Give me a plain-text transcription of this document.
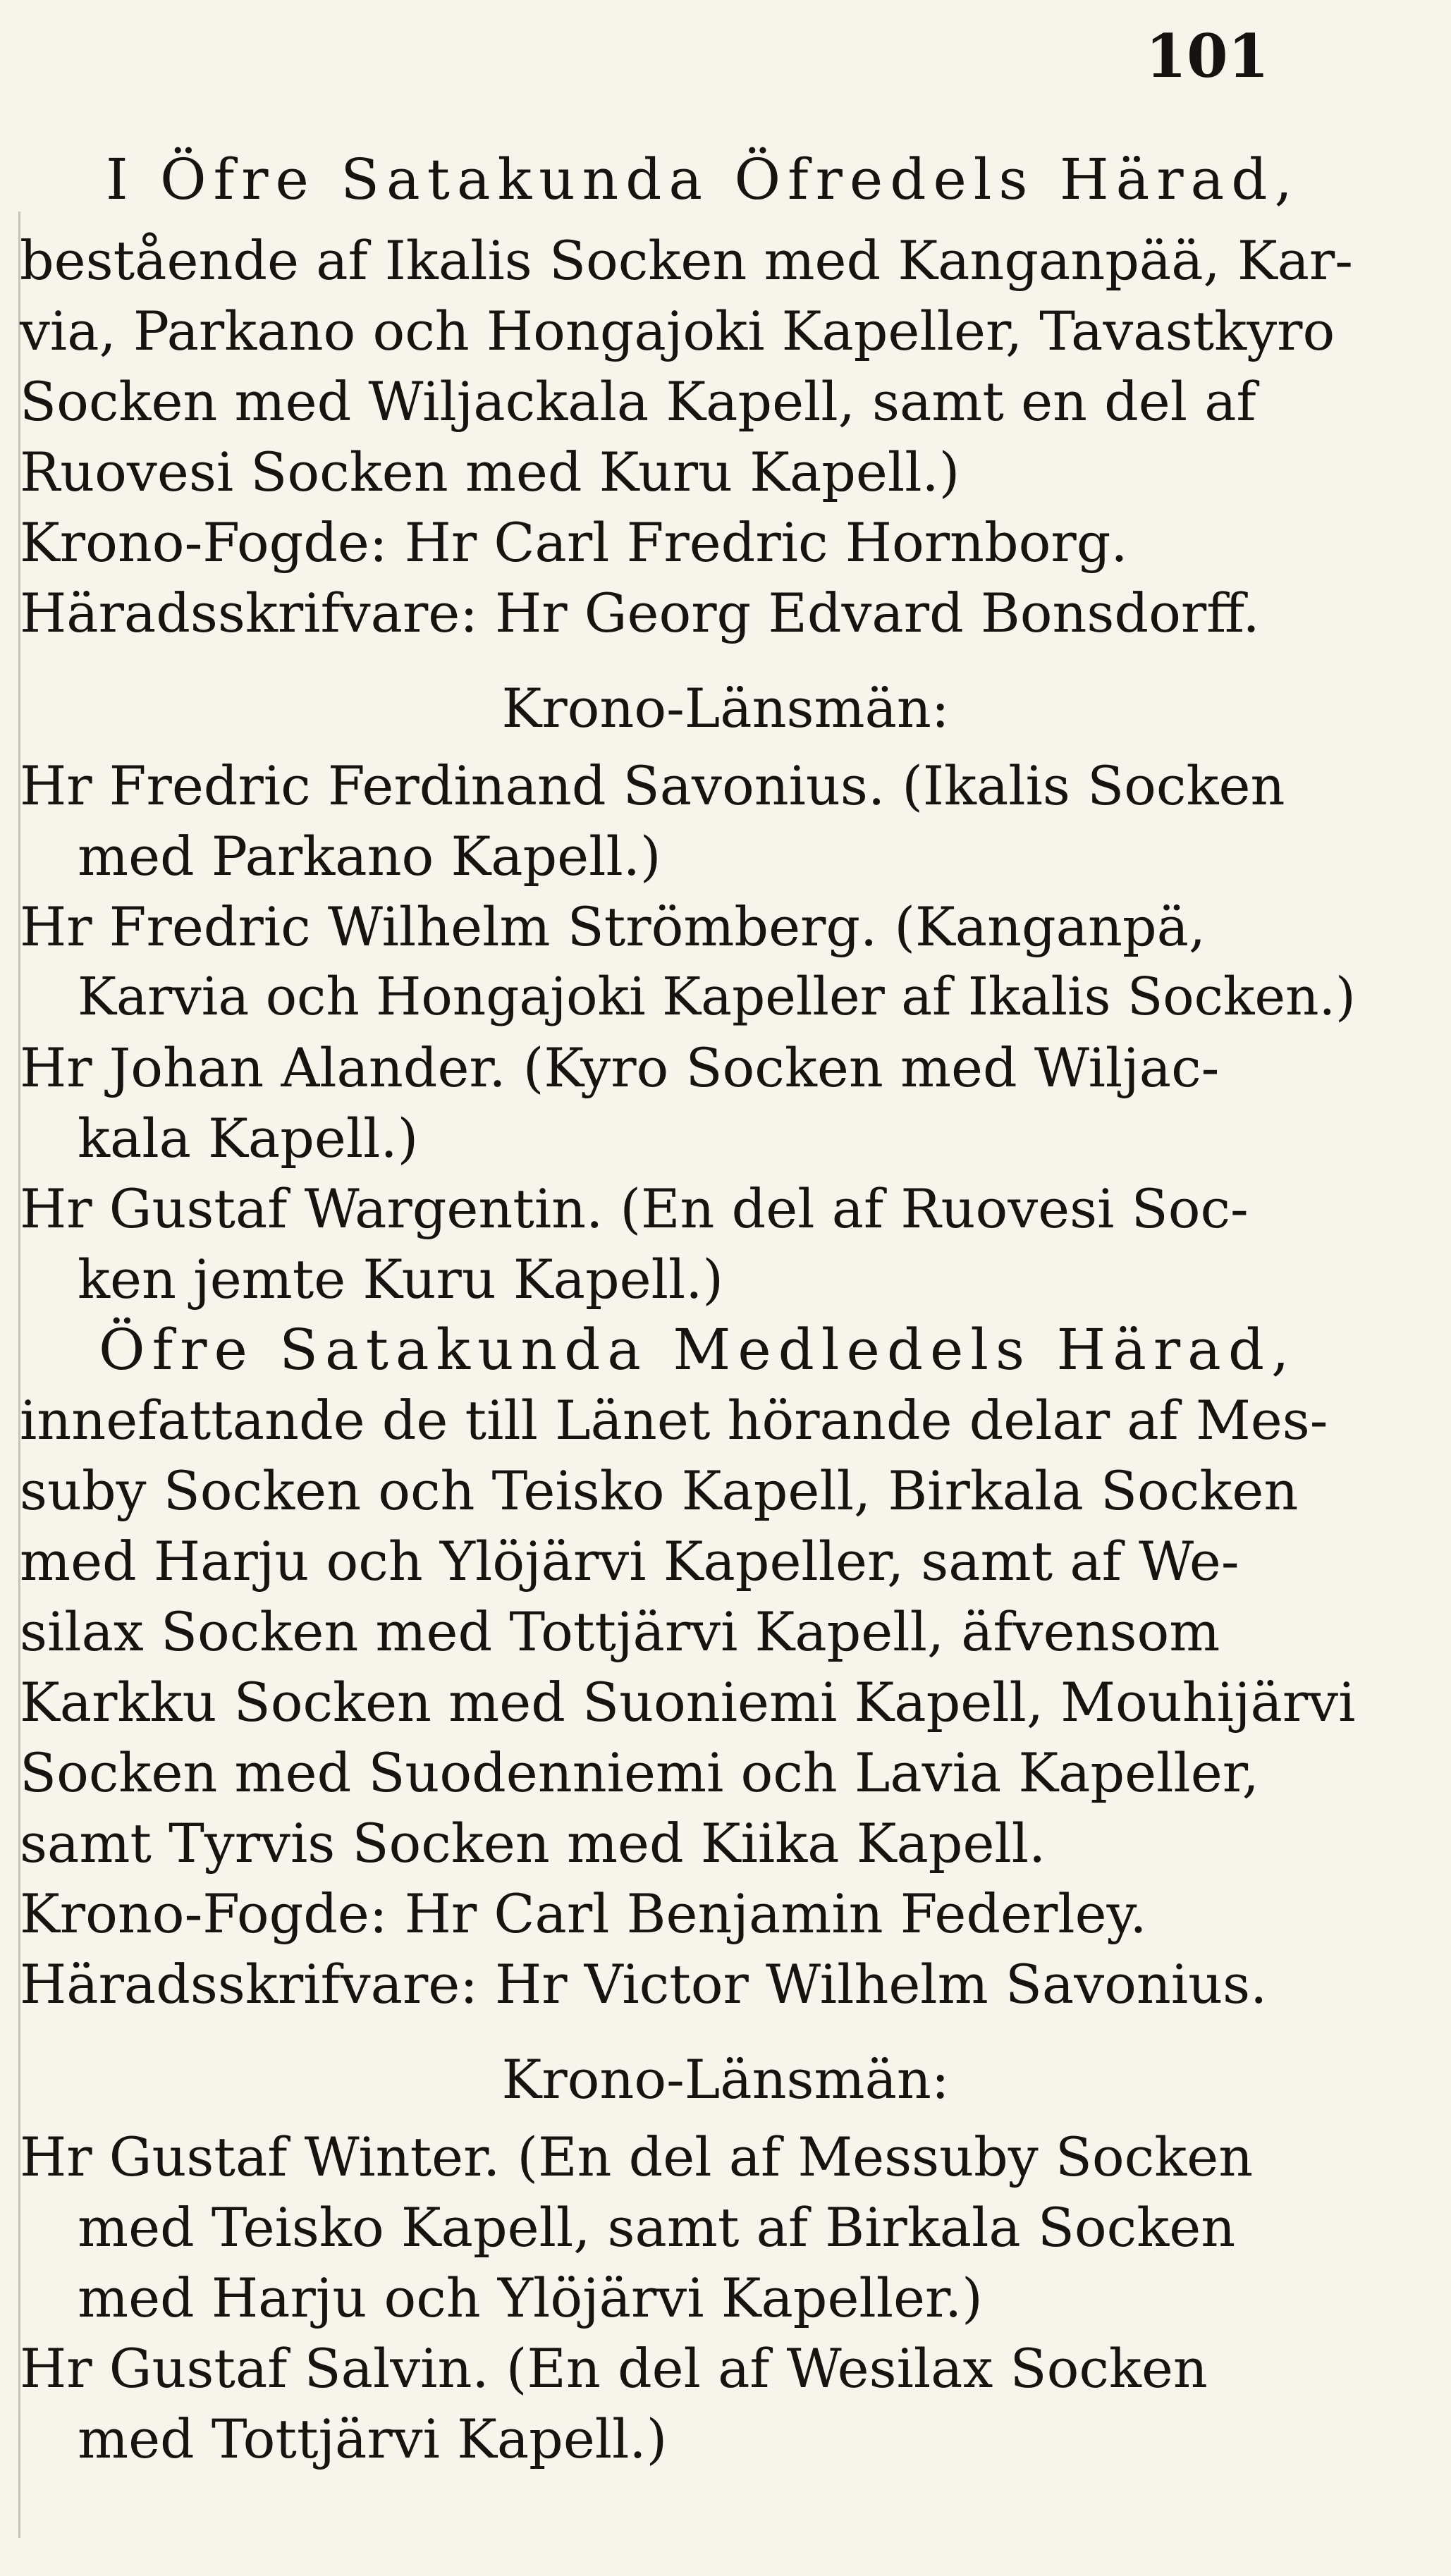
101
I Öfre Satakunda Öfredels Härad,
bestående af Ikalis Socken med Kanganpää, Kar-
via, Parkano och Hongajoki Kapeller, Tavastkyro
Socken med Wiljackala Kapell, samt en del af
Ruovesi Socken med Kuru Kapell.)
Krono-Fogde: Hr Carl Fredric Hornborg.
Häradsskrifvare: Hr Georg Edvard Bonsdorff.
Krono-Länsmän:
Hr Fredric Ferdinand Savonius. (Ikalis Socken
med Parkano Kapell.)
Hr Fredric Wilhelm Strömberg. (Kanganpä,
Karvia och Hongajoki Kapeller af Ikalis Socken.)
Hr Johan Alander. (Kyro Socken med Wiljac-
kala Kapell.)
Hr Gustaf Wargentin. (En del af Ruovesi Soc-
ken jemte Kuru Kapell.)
Öfre Satakunda Medledels Härad,
innefattande de till Länet hörande delar af Mes-
suby Socken och Teisko Kapell, Birkala Socken
med Harju och Ylöjärvi Kapeller, samt af We-
silax Socken med Tottjärvi Kapell, äfvensom
Karkku Socken med Suoniemi Kapell, Mouhijärvi
Socken med Suodenniemi och Lavia Kapeller,
samt Tyrvis Socken med Kiika Kapell.
Krono-Fogde: Hr Carl Benjamin Federley.
Häradsskrifvare: Hr Victor Wilhelm Savonius.
Krono-Länsmän:
Hr Gustaf Winter. (En del af Messuby Socken
med Teisko Kapell, samt af Birkala Socken
med Harju och Ylöjärvi Kapeller.)
Hr Gustaf Salvin. (En del af Wesilax Socken
med Tottjärvi Kapell.)
